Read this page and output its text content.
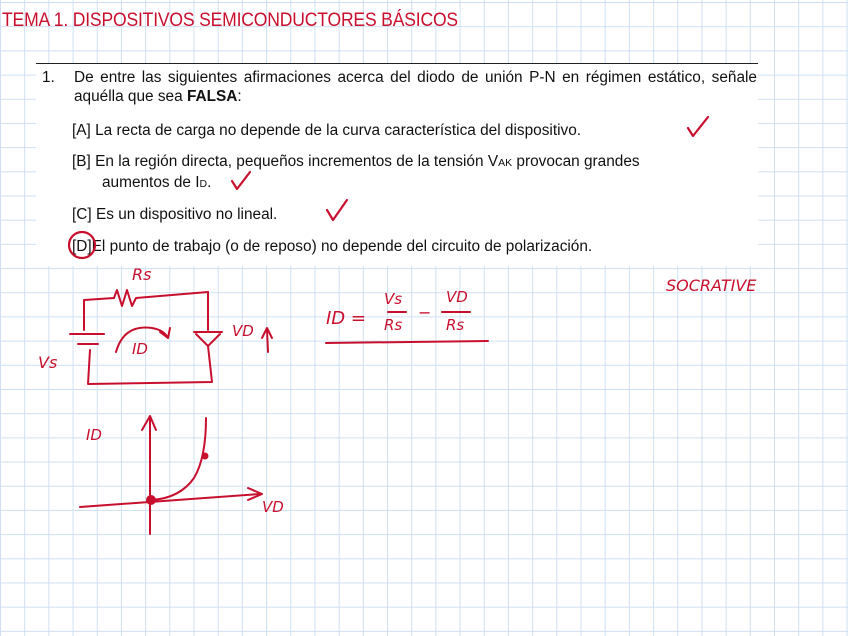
TEMA 1. DISPOSITIVOS SEMICONDUCTORES BÁSICOS
1. De entre las siguientes afirmaciones acerca del diodo de unión P-N en régimen estático, señale aquélla que sea FALSA:
[A] La recta de carga no depende de la curva característica del dispositivo.
[B] En la región directa, pequeños incrementos de la tensión VAK provocan grandes
aumentos de ID.
[C] Es un dispositivo no lineal.
[D]El punto de trabajo (o de reposo) no depende del circuito de polarización.
SOCRATIVE
Rs
Vs
ID
VD
ID =
Vs
Rs
−
VD
Rs
ID
VD
